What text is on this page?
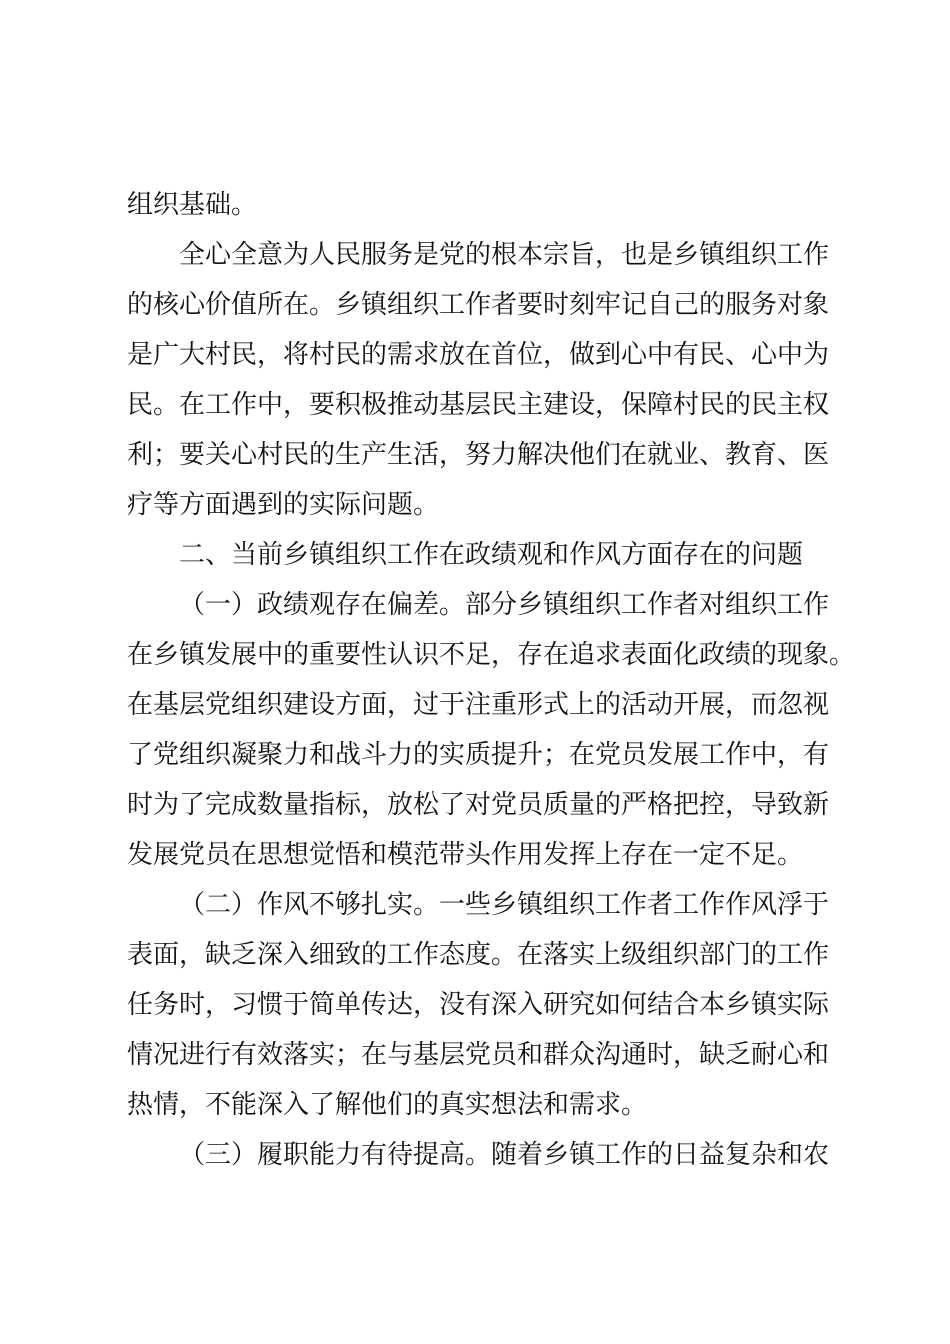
组织基础。
全心全意为人民服务是党的根本宗旨，也是乡镇组织工作
的核心价值所在。乡镇组织工作者要时刻牢记自己的服务对象
是广大村民，将村民的需求放在首位，做到心中有民、心中为
民。在工作中，要积极推动基层民主建设，保障村民的民主权
利；要关心村民的生产生活，努力解决他们在就业、教育、医
疗等方面遇到的实际问题。
二、当前乡镇组织工作在政绩观和作风方面存在的问题
（一）政绩观存在偏差。部分乡镇组织工作者对组织工作
在乡镇发展中的重要性认识不足，存在追求表面化政绩的现象。
在基层党组织建设方面，过于注重形式上的活动开展，而忽视
了党组织凝聚力和战斗力的实质提升；在党员发展工作中，有
时为了完成数量指标，放松了对党员质量的严格把控，导致新
发展党员在思想觉悟和模范带头作用发挥上存在一定不足。
（二）作风不够扎实。一些乡镇组织工作者工作作风浮于
表面，缺乏深入细致的工作态度。在落实上级组织部门的工作
任务时，习惯于简单传达，没有深入研究如何结合本乡镇实际
情况进行有效落实；在与基层党员和群众沟通时，缺乏耐心和
热情，不能深入了解他们的真实想法和需求。
（三）履职能力有待提高。随着乡镇工作的日益复杂和农
